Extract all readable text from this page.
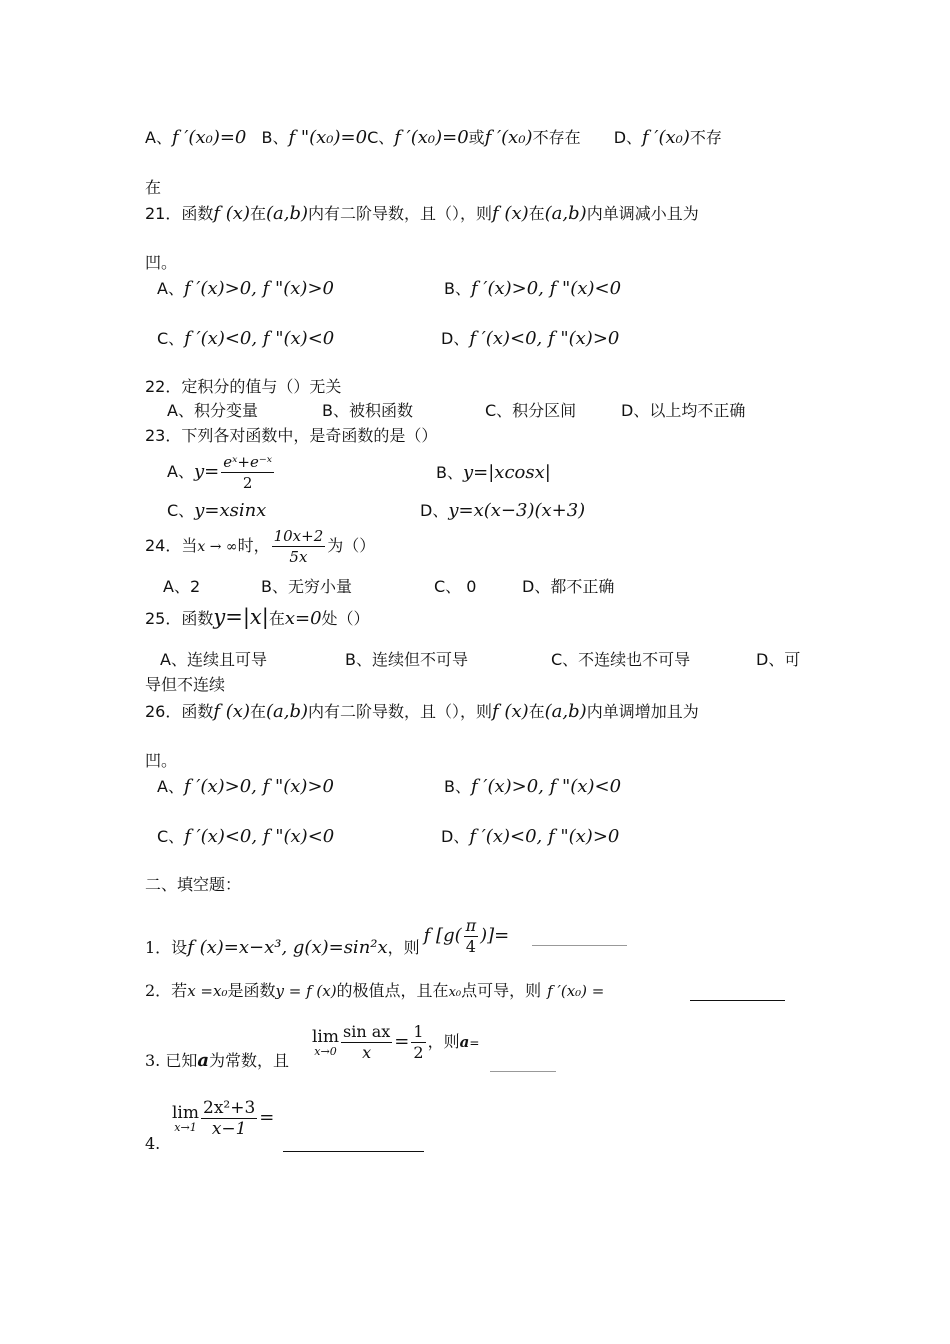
A、f ′(x₀)=0 B、f "(x₀)=0C、f ′(x₀)=0或f ′(x₀)不存在 D、f ′(x₀)不存
在
21．函数f (x)在(a,b)内有二阶导数，且（），则f (x)在(a,b)内单调减小且为
凹。
A、f ′(x)>0, f "(x)>0	B、f ′(x)>0, f "(x)<0
C、f ′(x)<0, f "(x)<0	D、f ′(x)<0, f "(x)>0
22．定积分的值与（）无关
A、积分变量	B、被积函数	C、积分区间	D、以上均不正确
23．下列各对函数中，是奇函数的是（）
A、$y= \frac{\text{eˣ+e⁻ˣ}}{2}$	B、y=|xcosx|
C、y=xsinx	D、y=x(x−3)(x+3)
24．当x → ∞时， $\frac{10x+2}{5x}$ 为（）
A、2	B、无穷小量	C、 0	D、都不正确
25．函数y=|x|在x=0处（）
A、连续且可导	B、连续但不可导	C、不连续也不可导	D、可
导但不连续
26．函数f (x)在(a,b)内有二阶导数，且（），则f (x)在(a,b)内单调增加且为
凹。
A、f ′(x)>0, f "(x)>0	B、f ′(x)>0, f "(x)<0
C、f ′(x)<0, f "(x)<0	D、f ′(x)<0, f "(x)>0
二、填空题：
1．设f (x)=x−x³, g(x)=sin²x，则f [$g( \frac{\pi}{4}$ )]=
2．若x =x₀是函数y = f (x)的极值点，且在x₀点可导，则 f ′(x₀) =
3. 已知a为常数，且
lim
$x\to 0 \frac{\text{sin ax}}{x} = \frac{1}{2}$ ，则a=
lim
$x\to 1 \frac{\text{2x²+3}}{x-1}$ =
4.
